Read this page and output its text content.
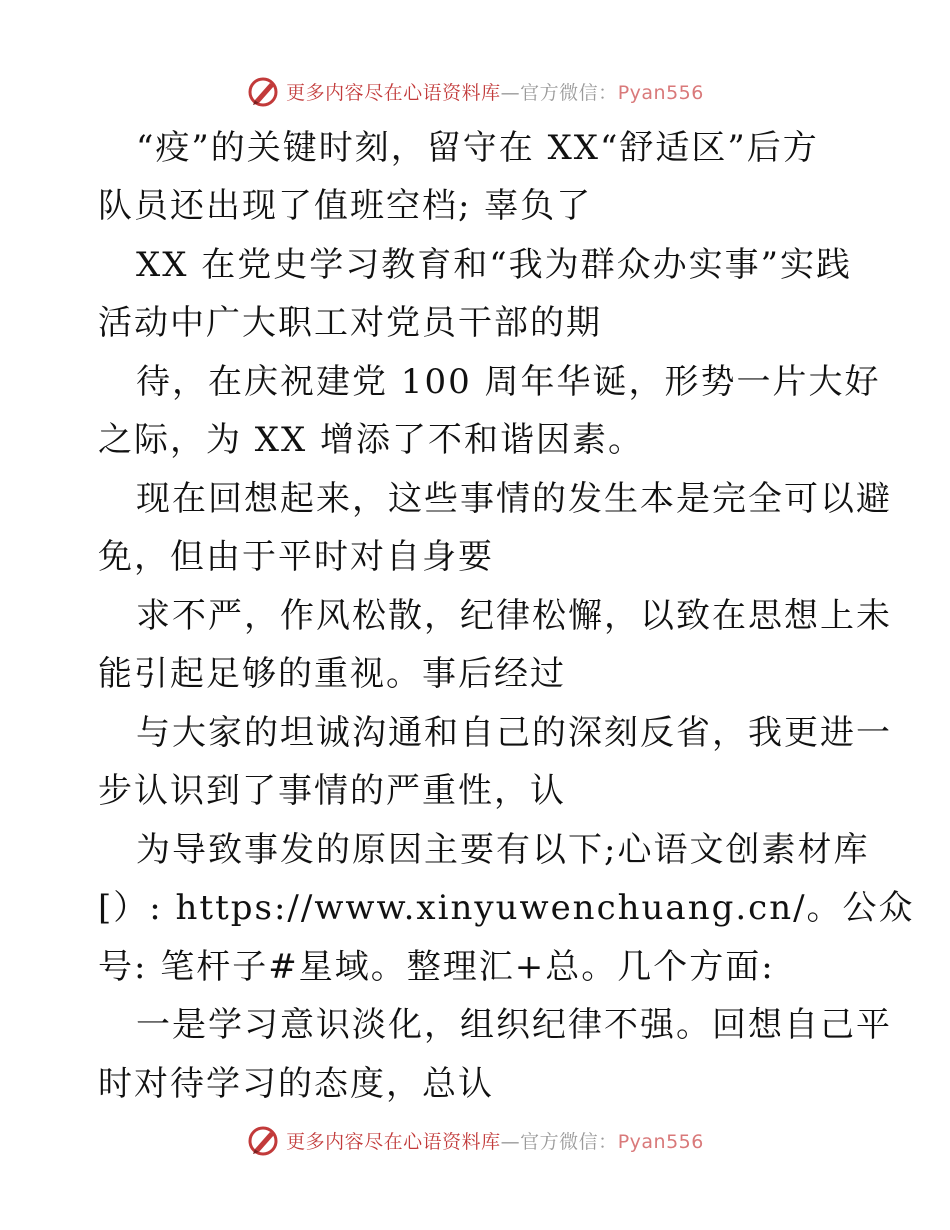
更多内容尽在心语资料库—官方微信：Pyan556
“疫”的关键时刻，留守在 XX“舒适区”后方
队员还出现了值班空档; 辜负了
XX 在党史学习教育和“我为群众办实事”实践
活动中广大职工对党员干部的期
待，在庆祝建党 100 周年华诞，形势一片大好
之际，为 XX 增添了不和谐因素。
现在回想起来，这些事情的发生本是完全可以避
免，但由于平时对自身要
求不严，作风松散，纪律松懈，以致在思想上未
能引起足够的重视。事后经过
与大家的坦诚沟通和自己的深刻反省，我更进一
步认识到了事情的严重性，认
为导致事发的原因主要有以下;心语文创素材库
[）: https://www.xinyuwenchuang.cn/。公众
号: 笔杆子#星域。整理汇+总。几个方面:
一是学习意识淡化，组织纪律不强。回想自己平
时对待学习的态度，总认
更多内容尽在心语资料库—官方微信：Pyan556
